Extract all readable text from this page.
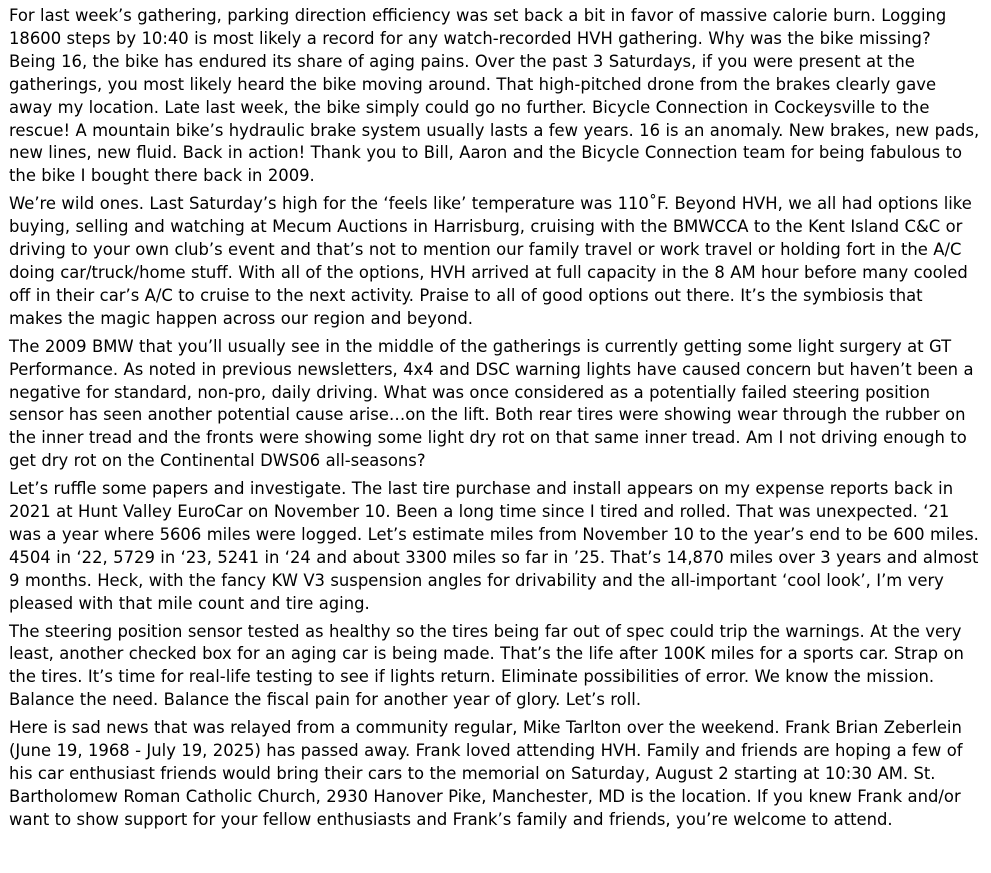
For last week’s gathering, parking direction efficiency was set back a bit in favor of massive calorie burn. Logging 18600 steps by 10:40 is most likely a record for any watch-recorded HVH gathering. Why was the bike missing? Being 16, the bike has endured its share of aging pains. Over the past 3 Saturdays, if you were present at the gatherings, you most likely heard the bike moving around. That high-pitched drone from the brakes clearly gave away my location. Late last week, the bike simply could go no further. Bicycle Connection in Cockeysville to the rescue! A mountain bike’s hydraulic brake system usually lasts a few years. 16 is an anomaly. New brakes, new pads, new lines, new fluid. Back in action! Thank you to Bill, Aaron and the Bicycle Connection team for being fabulous to the bike I bought there back in 2009.

We’re wild ones. Last Saturday’s high for the ‘feels like’ temperature was 110˚F. Beyond HVH, we all had options like buying, selling and watching at Mecum Auctions in Harrisburg, cruising with the BMWCCA to the Kent Island C&C or driving to your own club’s event and that’s not to mention our family travel or work travel or holding fort in the A/C doing car/truck/home stuff. With all of the options, HVH arrived at full capacity in the 8 AM hour before many cooled off in their car’s A/C to cruise to the next activity. Praise to all of good options out there. It’s the symbiosis that makes the magic happen across our region and beyond.

The 2009 BMW that you’ll usually see in the middle of the gatherings is currently getting some light surgery at GT Performance. As noted in previous newsletters, 4x4 and DSC warning lights have caused concern but haven’t been a negative for standard, non-pro, daily driving. What was once considered as a potentially failed steering position sensor has seen another potential cause arise…on the lift. Both rear tires were showing wear through the rubber on the inner tread and the fronts were showing some light dry rot on that same inner tread. Am I not driving enough to get dry rot on the Continental DWS06 all-seasons?

Let’s ruffle some papers and investigate. The last tire purchase and install appears on my expense reports back in 2021 at Hunt Valley EuroCar on November 10. Been a long time since I tired and rolled. That was unexpected. ‘21 was a year where 5606 miles were logged. Let’s estimate miles from November 10 to the year’s end to be 600 miles. 4504 in ‘22, 5729 in ‘23, 5241 in ‘24 and about 3300 miles so far in ’25. That’s 14,870 miles over 3 years and almost 9 months. Heck, with the fancy KW V3 suspension angles for drivability and the all-important ‘cool look’, I’m very pleased with that mile count and tire aging.

The steering position sensor tested as healthy so the tires being far out of spec could trip the warnings. At the very least, another checked box for an aging car is being made. That’s the life after 100K miles for a sports car. Strap on the tires. It’s time for real-life testing to see if lights return. Eliminate possibilities of error. We know the mission. Balance the need. Balance the fiscal pain for another year of glory. Let’s roll.

Here is sad news that was relayed from a community regular, Mike Tarlton over the weekend. Frank Brian Zeberlein (June 19, 1968 - July 19, 2025) has passed away. Frank loved attending HVH. Family and friends are hoping a few of his car enthusiast friends would bring their cars to the memorial on Saturday, August 2 starting at 10:30 AM. St. Bartholomew Roman Catholic Church, 2930 Hanover Pike, Manchester, MD is the location. If you knew Frank and/or want to show support for your fellow enthusiasts and Frank’s family and friends, you’re welcome to attend.
